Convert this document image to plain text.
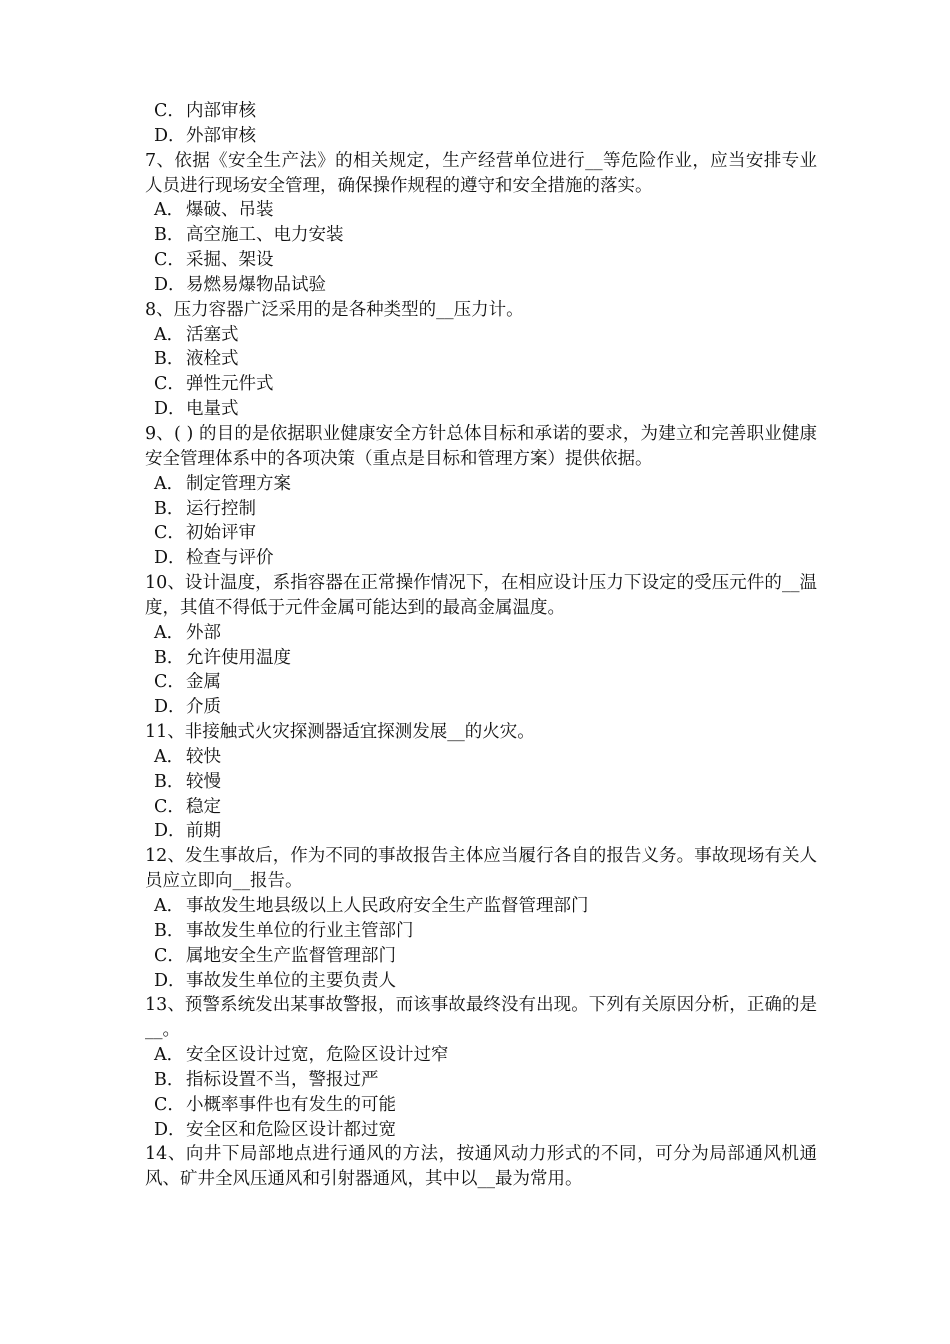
C．内部审核
D．外部审核
7、依据《安全生产法》的相关规定，生产经营单位进行__等危险作业，应当安排专业人员进行现场安全管理，确保操作规程的遵守和安全措施的落实。
A． 爆破、吊装
B．高空施工、电力安装
C．采掘、架设
D．易燃易爆物品试验
8、压力容器广泛采用的是各种类型的__压力计。
A． 活塞式
B．液栓式
C．弹性元件式
D．电量式
9、( ) 的目的是依据职业健康安全方针总体目标和承诺的要求，为建立和完善职业健康安全管理体系中的各项决策（重点是目标和管理方案）提供依据。
A． 制定管理方案
B．运行控制
C．初始评审
D．检查与评价
10、设计温度，系指容器在正常操作情况下，在相应设计压力下设定的受压元件的__温度，其值不得低于元件金属可能达到的最高金属温度。
A． 外部
B．允许使用温度
C．金属
D．介质
11、非接触式火灾探测器适宜探测发展__的火灾。
A． 较快
B．较慢
C．稳定
D．前期
12、发生事故后，作为不同的事故报告主体应当履行各自的报告义务。事故现场有关人员应立即向__报告。
A． 事故发生地县级以上人民政府安全生产监督管理部门
B．事故发生单位的行业主管部门
C．属地安全生产监督管理部门
D．事故发生单位的主要负责人
13、预警系统发出某事故警报，而该事故最终没有出现。下列有关原因分析，正确的是__。
A． 安全区设计过宽，危险区设计过窄
B．指标设置不当，警报过严
C．小概率事件也有发生的可能
D．安全区和危险区设计都过宽
14、向井下局部地点进行通风的方法，按通风动力形式的不同，可分为局部通风机通风、矿井全风压通风和引射器通风，其中以__最为常用。
